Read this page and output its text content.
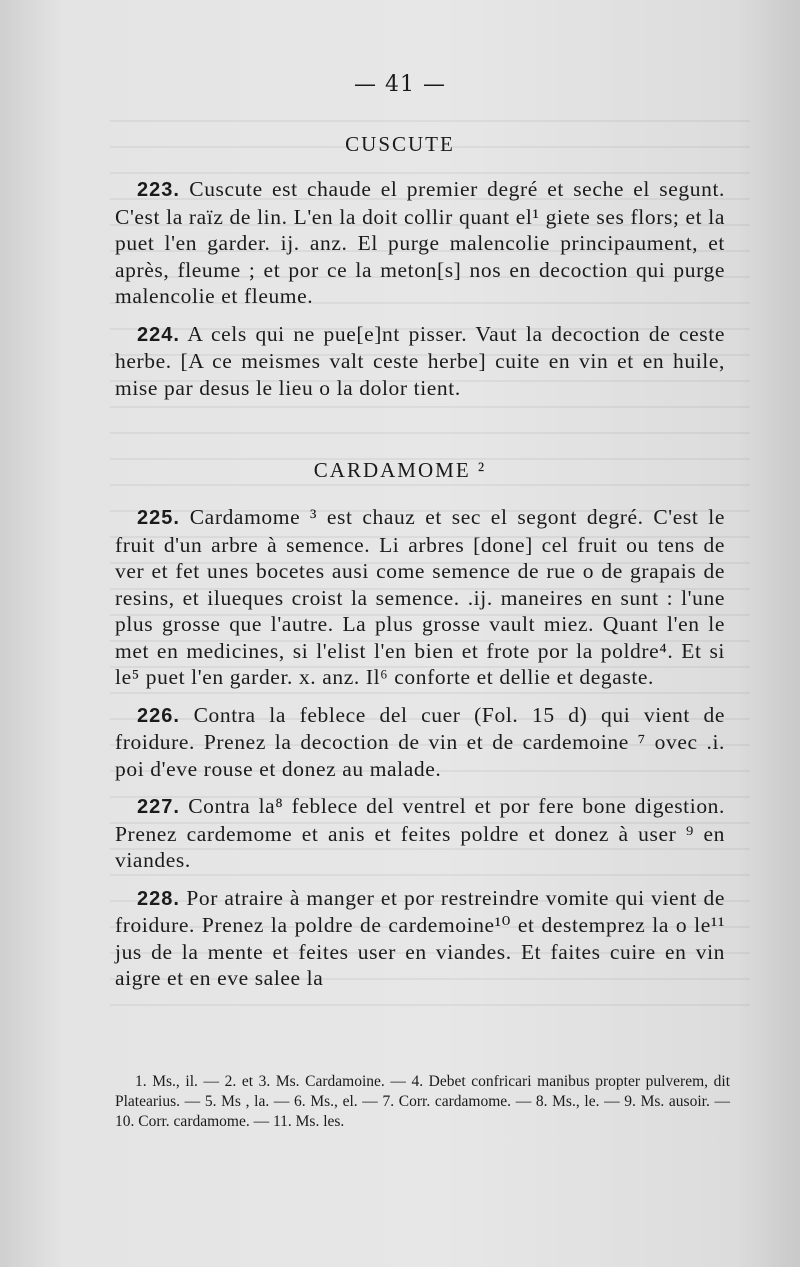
— 41 —
CUSCUTE

223. Cuscute est chaude el premier degré et seche el segunt. C'est la raïz de lin. L'en la doit collir quant el¹ giete ses flors; et la puet l'en garder. ij. anz. El purge malencolie principaument, et après, fleume ; et por ce la meton[s] nos en decoction qui purge malencolie et fleume.

224. A cels qui ne pue[e]nt pisser. Vaut la decoction de ceste herbe. [A ce meismes valt ceste herbe] cuite en vin et en huile, mise par desus le lieu o la dolor tient.

CARDAMOME ²

225. Cardamome ³ est chauz et sec el segont degré. C'est le fruit d'un arbre à semence. Li arbres [done] cel fruit ou tens de ver et fet unes bocetes ausi come semence de rue o de grapais de resins, et ilueques croist la semence. .ij. maneires en sunt : l'une plus grosse que l'autre. La plus grosse vault miez. Quant l'en le met en medicines, si l'elist l'en bien et frote por la poldre⁴. Et si le⁵ puet l'en garder. x. anz. Il⁶ conforte et dellie et degaste.

226. Contra la feblece del cuer (Fol. 15 d) qui vient de froidure. Prenez la decoction de vin et de cardemoine ⁷ ovec .i. poi d'eve rouse et donez au malade.

227. Contra la⁸ feblece del ventrel et por fere bone digestion. Prenez cardemome et anis et feites poldre et donez à user ⁹ en viandes.

228. Por atraire à manger et por restreindre vomite qui vient de froidure. Prenez la poldre de cardemoine¹⁰ et destemprez la o le¹¹ jus de la mente et feites user en viandes. Et faites cuire en vin aigre et en eve salee la

1. Ms., il. — 2. et 3. Ms. Cardamoine. — 4. Debet confricari manibus propter pulverem, dit Platearius. — 5. Ms , la. — 6. Ms., el. — 7. Corr. cardamome. — 8. Ms., le. — 9. Ms. ausoir. — 10. Corr. cardamome. — 11. Ms. les.
